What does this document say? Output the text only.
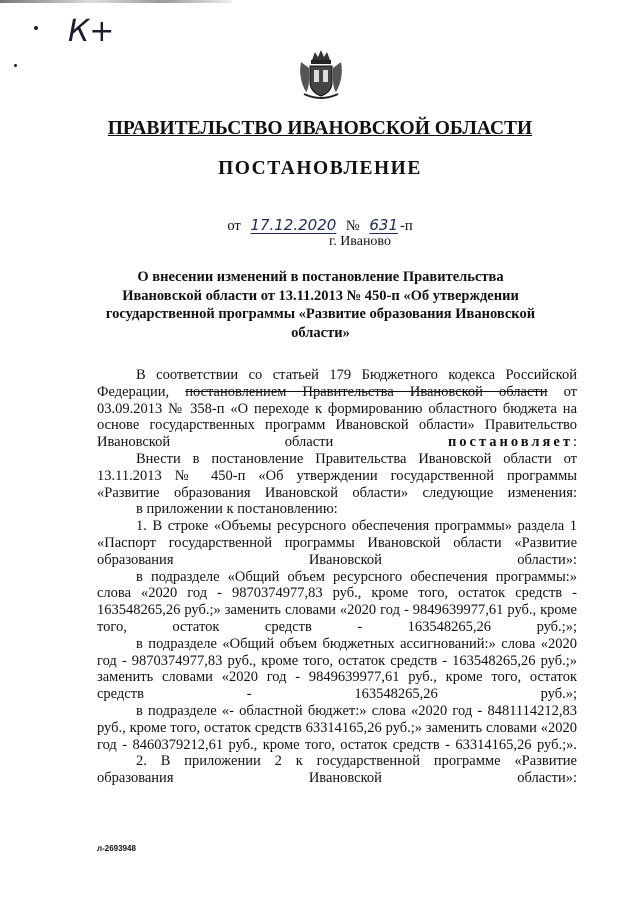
К+
ПРАВИТЕЛЬСТВО ИВАНОВСКОЙ ОБЛАСТИ
ПОСТАНОВЛЕНИЕ
от 17.12.2020 № 631 -п
г. Иваново
О внесении изменений в постановление Правительства Ивановской области от 13.11.2013 № 450-п «Об утверждении государственной программы «Развитие образования Ивановской области»

В соответствии со статьей 179 Бюджетного кодекса Российской Федерации, постановлением Правительства Ивановской области от 03.09.2013 № 358-п «О переходе к формированию областного бюджета на основе государственных программ Ивановской области» Правительство Ивановской области постановляет:

Внести в постановление Правительства Ивановской области от 13.11.2013 № 450-п «Об утверждении государственной программы «Развитие образования Ивановской области» следующие изменения:

в приложении к постановлению:

1. В строке «Объемы ресурсного обеспечения программы» раздела 1 «Паспорт государственной программы Ивановской области «Развитие образования Ивановской области»:

в подразделе «Общий объем ресурсного обеспечения программы:» слова «2020 год - 9870374977,83 руб., кроме того, остаток средств - 163548265,26 руб.;» заменить словами «2020 год - 9849639977,61 руб., кроме того, остаток средств - 163548265,26 руб.;»;

в подразделе «Общий объем бюджетных ассигнований:» слова «2020 год - 9870374977,83 руб., кроме того, остаток средств - 163548265,26 руб.;» заменить словами «2020 год - 9849639977,61 руб., кроме того, остаток средств - 163548265,26 руб.»;

в подразделе «- областной бюджет:» слова «2020 год - 8481114212,83 руб., кроме того, остаток средств 63314165,26 руб.;» заменить словами «2020 год - 8460379212,61 руб., кроме того, остаток средств - 63314165,26 руб.;».

2. В приложении 2 к государственной программе «Развитие образования Ивановской области»:

л-2693948
